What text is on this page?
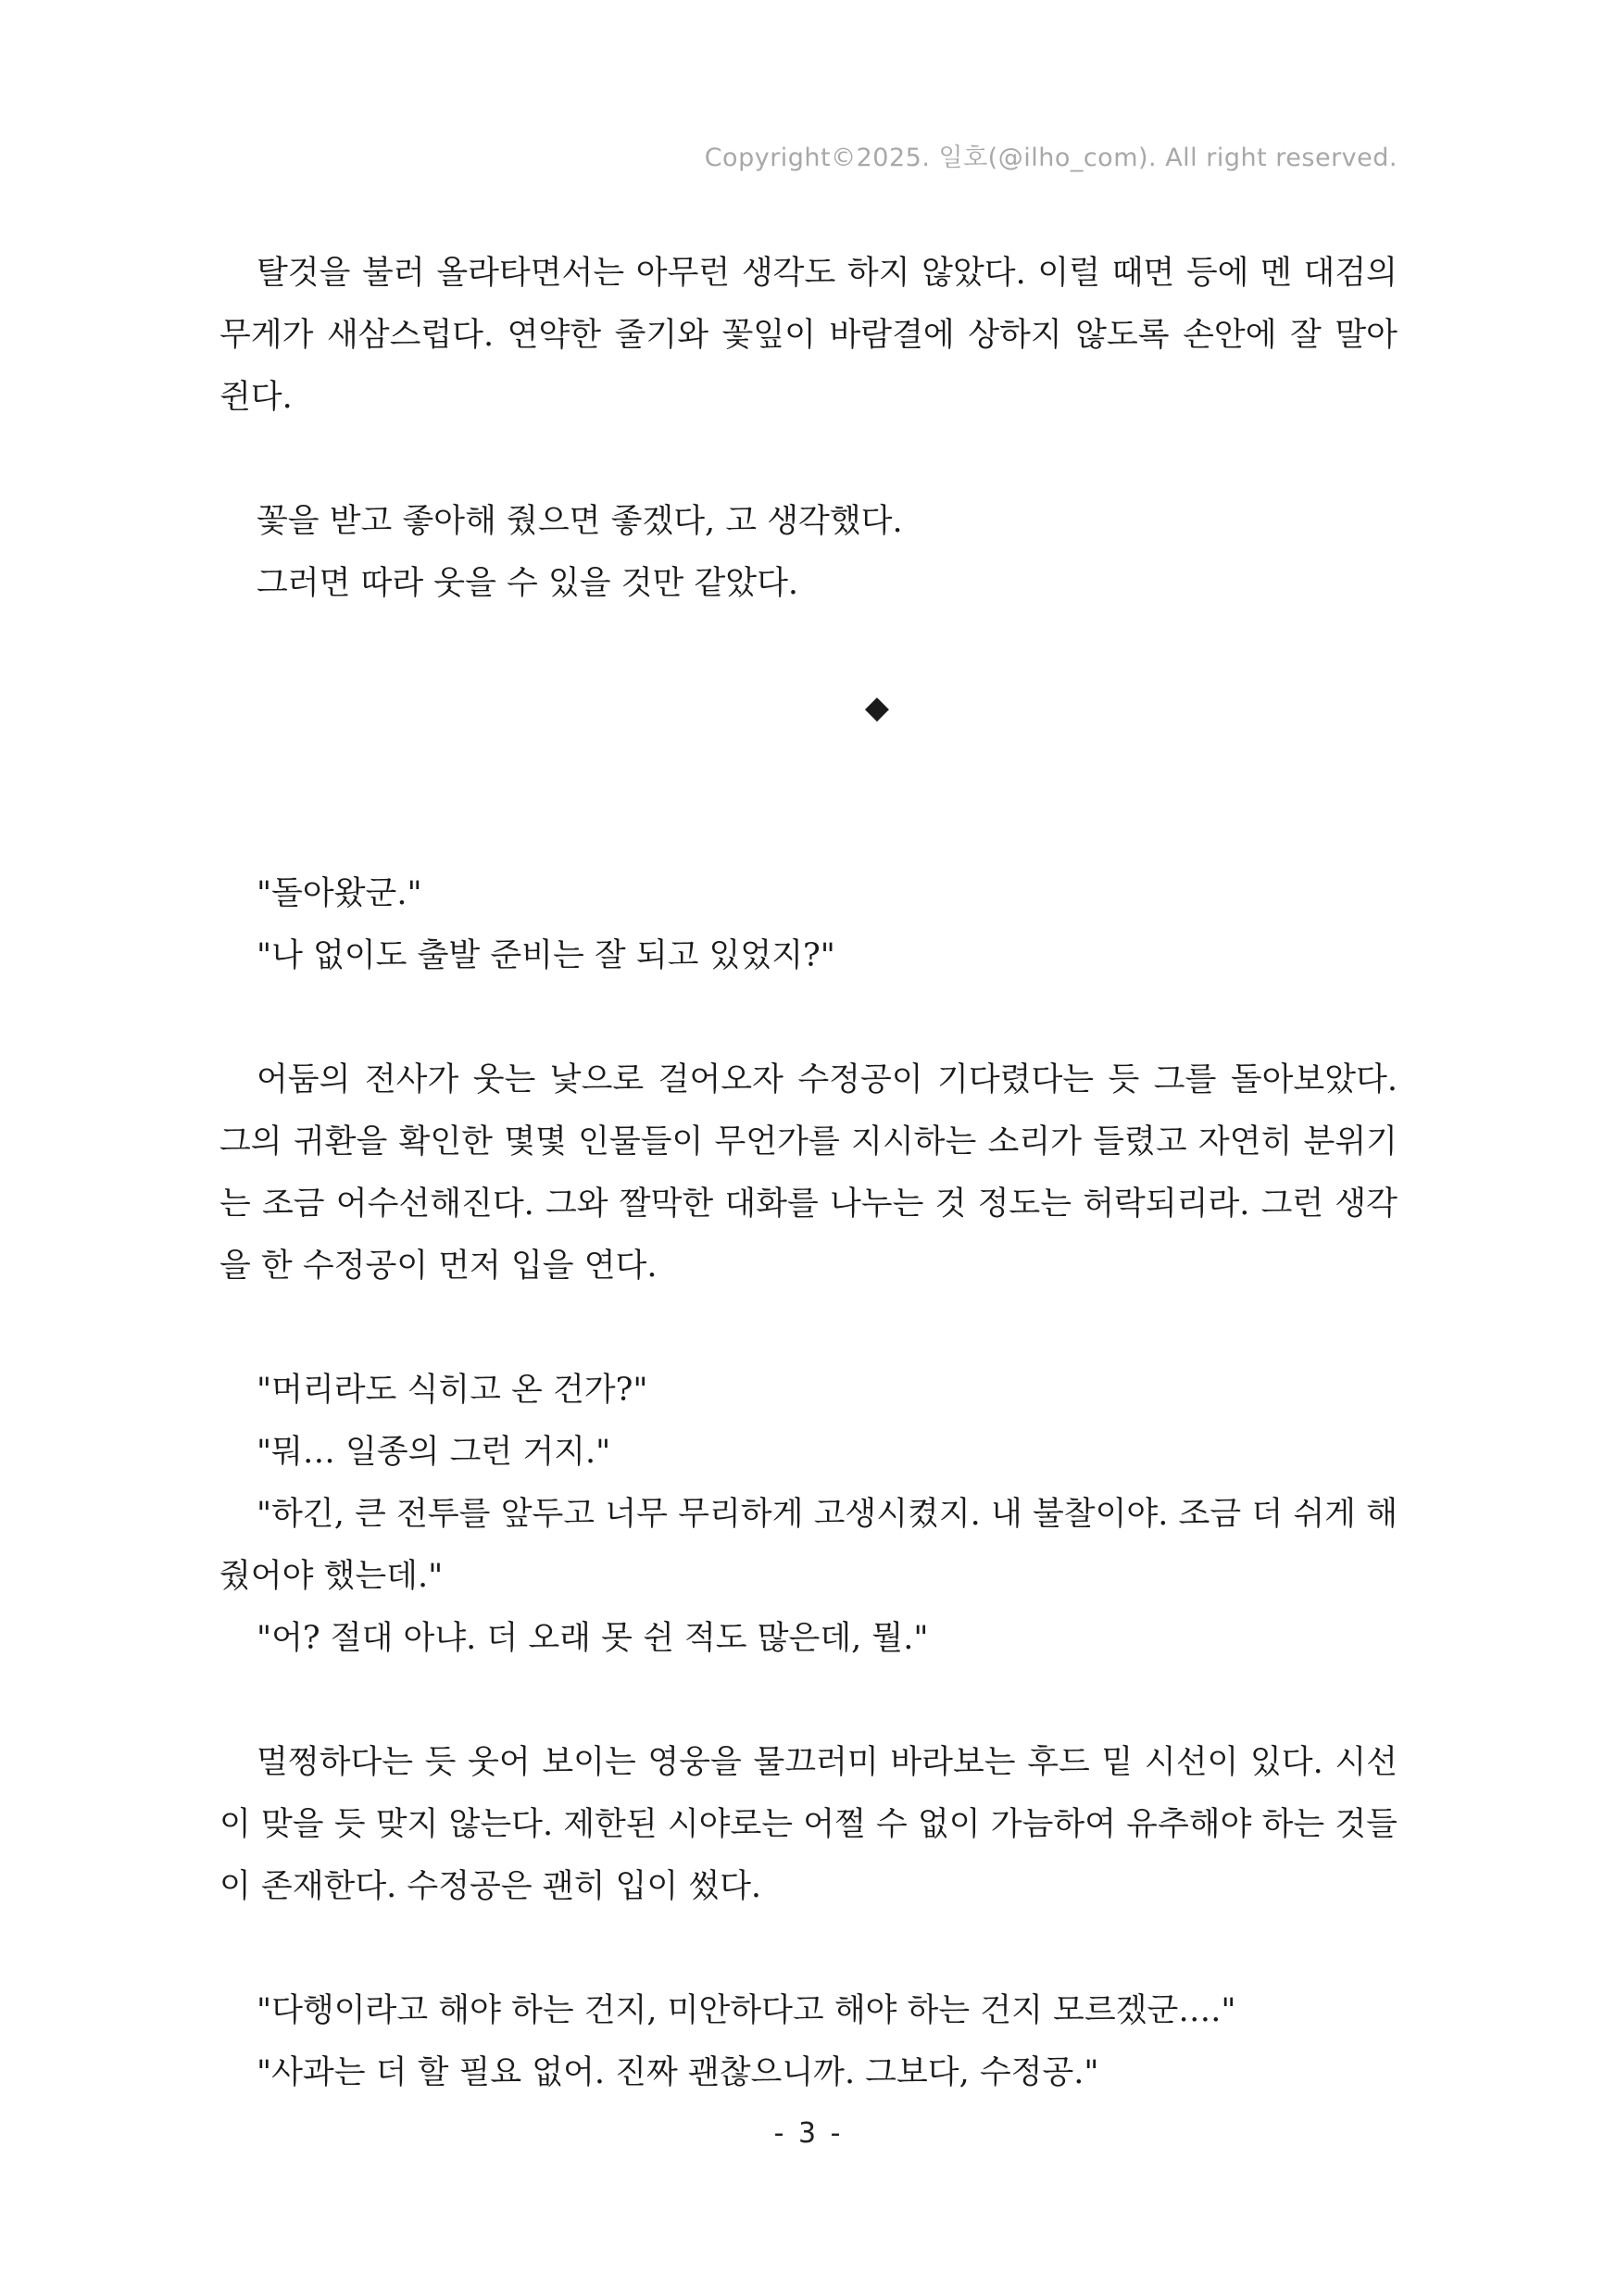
Copyright©2025. 일호(@ilho_com). All right reserved.

탈것을 불러 올라타면서는 아무런 생각도 하지 않았다. 이럴 때면 등에 멘 대검의 무게가 새삼스럽다. 연약한 줄기와 꽃잎이 바람결에 상하지 않도록 손안에 잘 말아 쥔다.

꽃을 받고 좋아해 줬으면 좋겠다, 고 생각했다.

그러면 따라 웃을 수 있을 것만 같았다.

◆

"돌아왔군."

"나 없이도 출발 준비는 잘 되고 있었지?"

어둠의 전사가 웃는 낯으로 걸어오자 수정공이 기다렸다는 듯 그를 돌아보았다. 그의 귀환을 확인한 몇몇 인물들이 무언가를 지시하는 소리가 들렸고 자연히 분위기는 조금 어수선해진다. 그와 짤막한 대화를 나누는 것 정도는 허락되리라. 그런 생각을 한 수정공이 먼저 입을 연다.

"머리라도 식히고 온 건가?"

"뭐… 일종의 그런 거지."

"하긴, 큰 전투를 앞두고 너무 무리하게 고생시켰지. 내 불찰이야. 조금 더 쉬게 해 줬어야 했는데."

"어? 절대 아냐. 더 오래 못 쉰 적도 많은데, 뭘."

멀쩡하다는 듯 웃어 보이는 영웅을 물끄러미 바라보는 후드 밑 시선이 있다. 시선이 맞을 듯 맞지 않는다. 제한된 시야로는 어쩔 수 없이 가늠하여 유추해야 하는 것들이 존재한다. 수정공은 괜히 입이 썼다.

"다행이라고 해야 하는 건지, 미안하다고 해야 하는 건지 모르겠군…."

"사과는 더 할 필요 없어. 진짜 괜찮으니까. 그보다, 수정공."

- 3 -
